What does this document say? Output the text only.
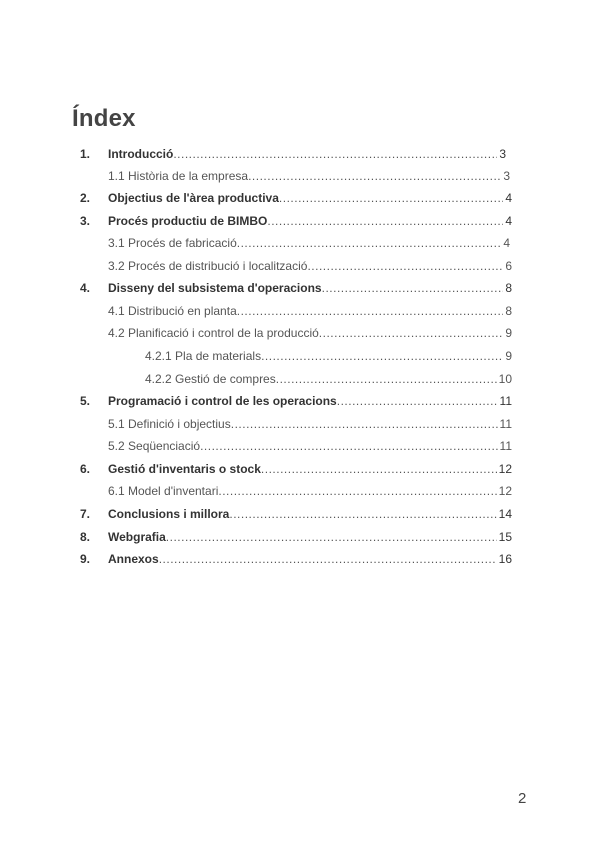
Índex
1. Introducció .....	3
1.1 Història de la empresa .....	3
2. Objectius de l'àrea productiva .....	4
3. Procés productiu de BIMBO .....	4
3.1 Procés de fabricació .....	4
3.2 Procés de distribució i localització .....	6
4. Disseny del subsistema d'operacions .....	8
4.1 Distribució en planta .....	8
4.2 Planificació i control de la producció .....	9
4.2.1 Pla de materials .....	9
4.2.2 Gestió de compres .....	10
5. Programació i control de les operacions .....	11
5.1 Definició i objectius .....	11
5.2 Seqüenciació .....	11
6. Gestió d'inventaris o stock .....	12
6.1 Model d'inventari .....	12
7. Conclusions i millora .....	14
8. Webgrafia .....	15
9. Annexos .....	16
2
